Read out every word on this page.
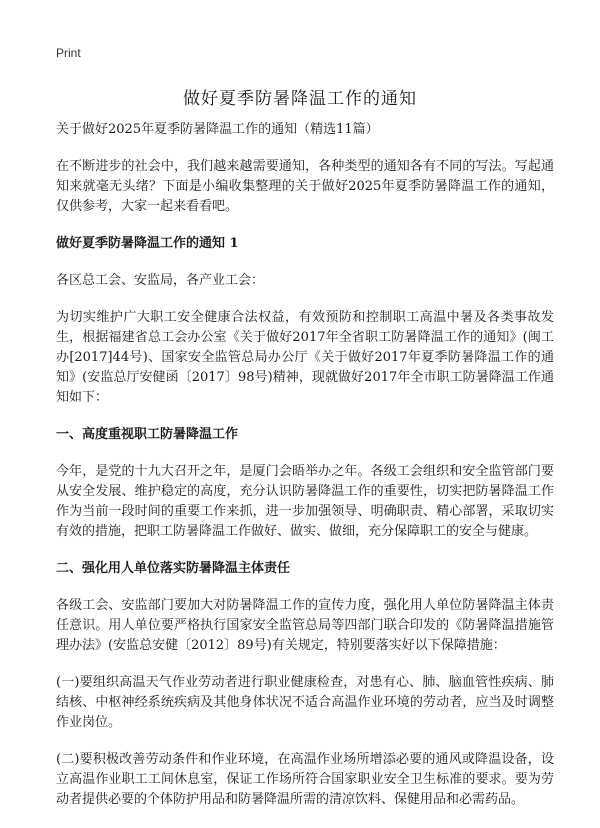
Print
做好夏季防暑降温工作的通知

关于做好2025年夏季防暑降温工作的通知（精选11篇）

在不断进步的社会中，我们越来越需要通知，各种类型的通知各有不同的写法。写起通知来就毫无头绪？下面是小编收集整理的关于做好2025年夏季防暑降温工作的通知，仅供参考，大家一起来看看吧。

做好夏季防暑降温工作的通知 1

各区总工会、安监局，各产业工会：

为切实维护广大职工安全健康合法权益，有效预防和控制职工高温中暑及各类事故发生，根据福建省总工会办公室《关于做好2017年全省职工防暑降温工作的通知》(闽工办[2017]44号)、国家安全监管总局办公厅《关于做好2017年夏季防暑降温工作的通知》(安监总厅安健函〔2017〕98号)精神，现就做好2017年全市职工防暑降温工作通知如下：

一、高度重视职工防暑降温工作

今年，是党的十九大召开之年，是厦门会晤举办之年。各级工会组织和安全监管部门要从安全发展、维护稳定的高度，充分认识防暑降温工作的重要性，切实把防暑降温工作作为当前一段时间的重要工作来抓，进一步加强领导、明确职责、精心部署，采取切实有效的措施，把职工防暑降温工作做好、做实、做细，充分保障职工的安全与健康。

二、强化用人单位落实防暑降温主体责任

各级工会、安监部门要加大对防暑降温工作的宣传力度，强化用人单位防暑降温主体责任意识。用人单位要严格执行国家安全监管总局等四部门联合印发的《防暑降温措施管理办法》(安监总安健〔2012〕89号)有关规定，特别要落实好以下保障措施：

(一)要组织高温天气作业劳动者进行职业健康检查，对患有心、肺、脑血管性疾病、肺结核、中枢神经系统疾病及其他身体状况不适合高温作业环境的劳动者，应当及时调整作业岗位。

(二)要积极改善劳动条件和作业环境，在高温作业场所增添必要的通风或降温设备，设立高温作业职工工间休息室，保证工作场所符合国家职业安全卫生标准的要求。要为劳动者提供必要的个体防护用品和防暑降温所需的清凉饮料、保健用品和必需药品。
